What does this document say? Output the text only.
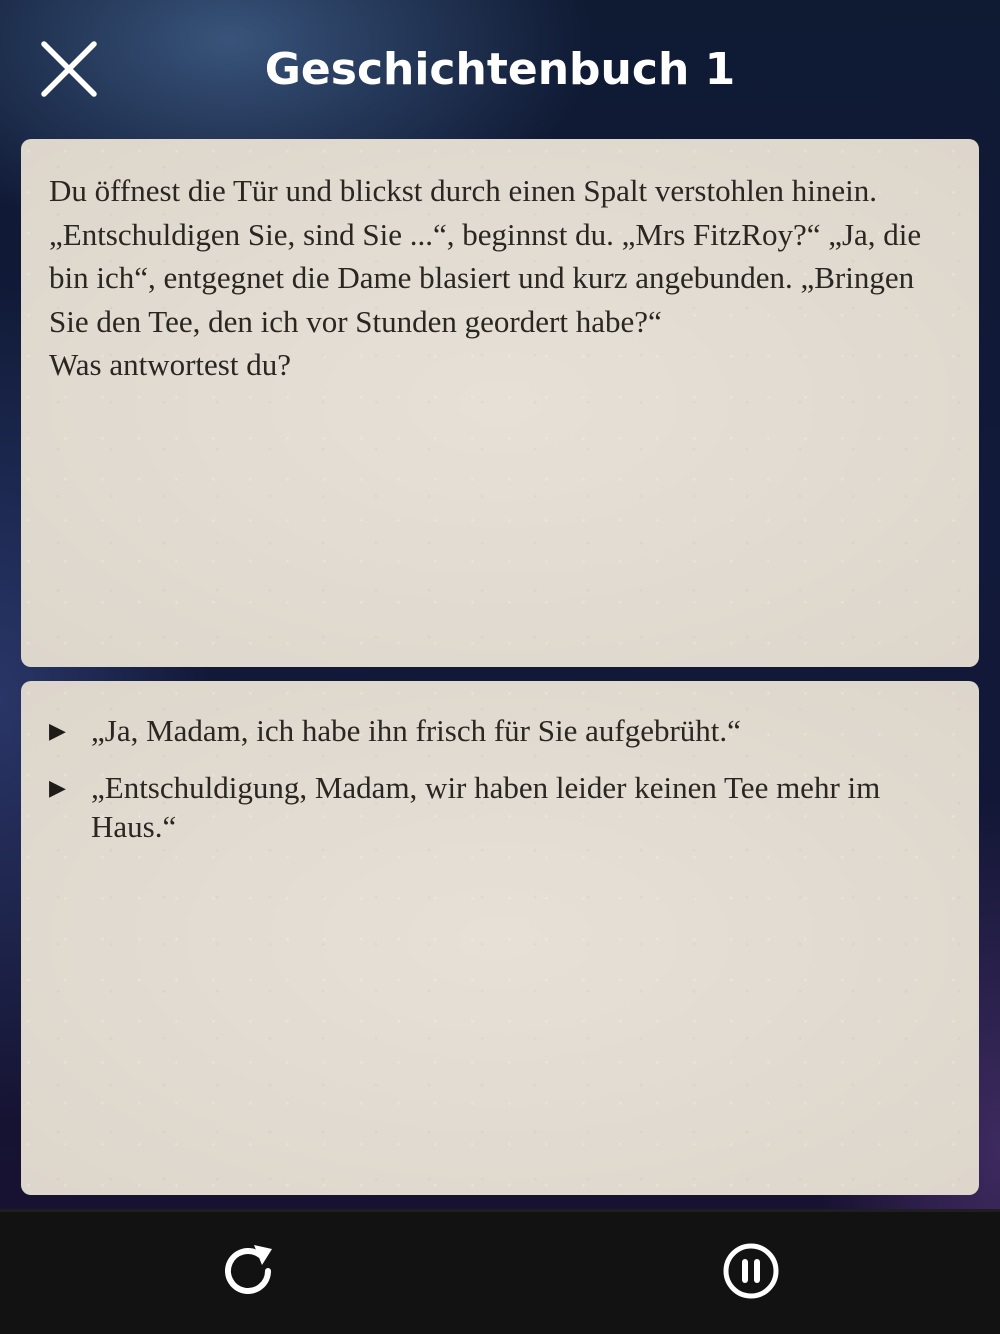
Geschichtenbuch 1

Du öffnest die Tür und blickst durch einen Spalt verstohlen hinein.
„Entschuldigen Sie, sind Sie ...“, beginnst du. „Mrs FitzRoy?“ „Ja, die
bin ich“, entgegnet die Dame blasiert und kurz angebunden. „Bringen
Sie den Tee, den ich vor Stunden geordert habe?“
Was antwortest du?

▶ „Ja, Madam, ich habe ihn frisch für Sie aufgebrüht.“
▶ „Entschuldigung, Madam, wir haben leider keinen Tee mehr im Haus.“
